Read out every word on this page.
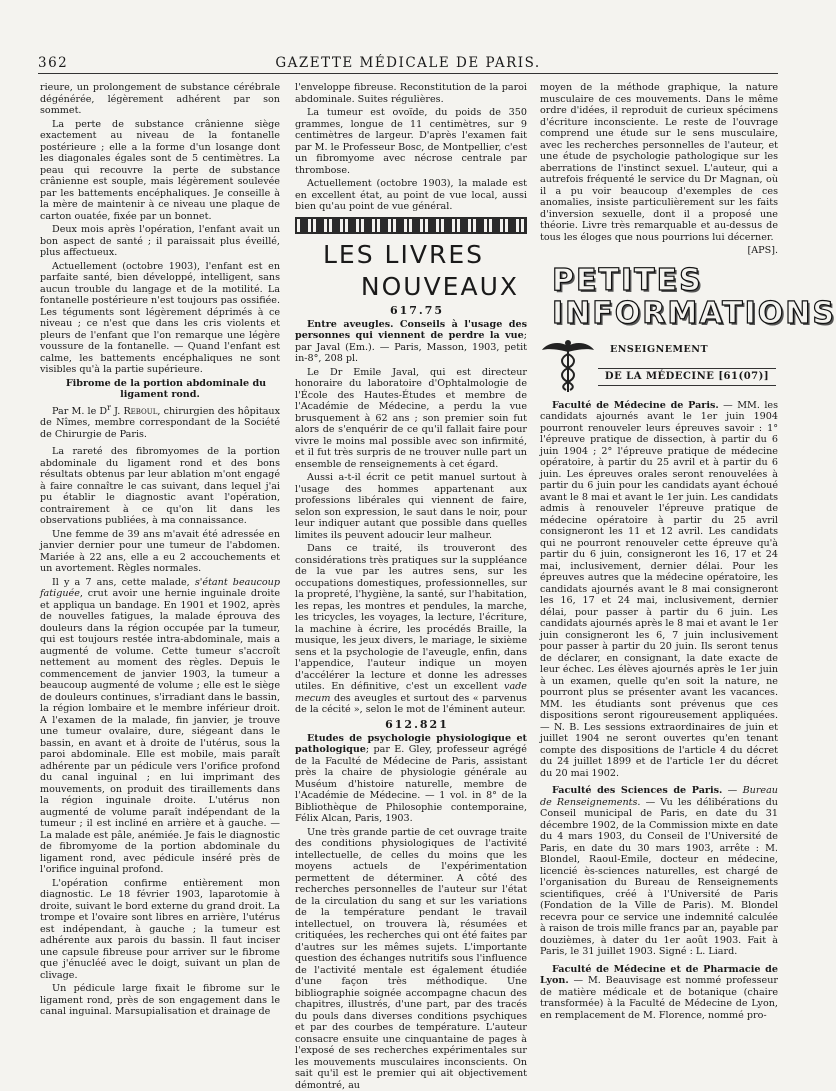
362	GAZETTE MÉDICALE DE PARIS.

rieure, un prolongement de substance cérébrale dégénérée, légèrement adhérent par son sommet.

La perte de substance crânienne siège exactement au niveau de la fontanelle postérieure ; elle a la forme d'un losange dont les diagonales égales sont de 5 centimètres. La peau qui recouvre la perte de substance crânienne est souple, mais légèrement soulevée par les battements encéphaliques. Je conseille à la mère de maintenir à ce niveau une plaque de carton ouatée, fixée par un bonnet.

Deux mois après l'opération, l'enfant avait un bon aspect de santé ; il paraissait plus éveillé, plus affectueux.

Actuellement (octobre 1903), l'enfant est en parfaite santé, bien développé, intelligent, sans aucun trouble du langage et de la motilité. La fontanelle postérieure n'est toujours pas ossifiée. Les téguments sont légèrement déprimés à ce niveau ; ce n'est que dans les cris violents et pleurs de l'enfant que l'on remarque une légère voussure de la fontanelle. — Quand l'enfant est calme, les battements encéphaliques ne sont visibles qu'à la partie supérieure.

Fibrome de la portion abdominale du ligament rond.

Par M. le $D^r$ J. Reboul, chirurgien des hôpitaux de Nîmes, membre correspondant de la Société de Chirurgie de Paris.

La rareté des fibromyomes de la portion abdominale du ligament rond et des bons résultats obtenus par leur ablation m'ont engagé à faire connaître le cas suivant, dans lequel j'ai pu établir le diagnostic avant l'opération, contrairement à ce qu'on lit dans les observations publiées, à ma connaissance.

Une femme de 39 ans m'avait été adressée en janvier dernier pour une tumeur de l'abdomen. Mariée à 22 ans, elle a eu 2 accouchements et un avortement. Règles normales.

Il y a 7 ans, cette malade, s'étant beaucoup fatiguée, crut avoir une hernie inguinale droite et appliqua un bandage. En 1901 et 1902, après de nouvelles fatigues, la malade éprouva des douleurs dans la région occupée par la tumeur, qui est toujours restée intra-abdominale, mais a augmenté de volume. Cette tumeur s'accroît nettement au moment des règles. Depuis le commencement de janvier 1903, la tumeur a beaucoup augmenté de volume ; elle est le siège de douleurs continues, s'irradiant dans le bassin, la région lombaire et le membre inférieur droit. A l'examen de la malade, fin janvier, je trouve une tumeur ovalaire, dure, siégeant dans le bassin, en avant et à droite de l'utérus, sous la paroi abdominale. Elle est mobile, mais paraît adhérente par un pédicule vers l'orifice profond du canal inguinal ; en lui imprimant des mouvements, on produit des tiraillements dans la région inguinale droite. L'utérus non augmenté de volume paraît indépendant de la tumeur ; il est incliné en arrière et à gauche. — La malade est pâle, anémiée. Je fais le diagnostic de fibromyome de la portion abdominale du ligament rond, avec pédicule inséré près de l'orifice inguinal profond.

L'opération confirme entièrement mon diagnostic. Le 18 février 1903, laparotomie à droite, suivant le bord externe du grand droit. La trompe et l'ovaire sont libres en arrière, l'utérus est indépendant, à gauche ; la tumeur est adhérente aux parois du bassin. Il faut inciser une capsule fibreuse pour arriver sur le fibrome que j'énucléé avec le doigt, suivant un plan de clivage.

Un pédicule large fixait le fibrome sur le ligament rond, près de son engagement dans le canal inguinal. Marsupialisation et drainage de

l'enveloppe fibreuse. Reconstitution de la paroi abdominale. Suites régulières.

La tumeur est ovoïde, du poids de 350 grammes, longue de 11 centimètres, sur 9 centimètres de largeur. D'après l'examen fait par M. le Professeur Bosc, de Montpellier, c'est un fibromyome avec nécrose centrale par thrombose.

Actuellement (octobre 1903), la malade est en excellent état, au point de vue local, aussi bien qu'au point de vue général.

LES LIVRES

NOUVEAUX

617.75

Entre aveugles. Conseils à l'usage des personnes qui viennent de perdre la vue; par Javal (Em.). — Paris, Masson, 1903, petit in-8°, 208 pl.

Le Dr Emile Javal, qui est directeur honoraire du laboratoire d'Ophtalmologie de l'École des Hautes-Études et membre de l'Académie de Médecine, a perdu la vue brusquement à 62 ans ; son premier soin fut alors de s'enquérir de ce qu'il fallait faire pour vivre le moins mal possible avec son infirmité, et il fut très surpris de ne trouver nulle part un ensemble de renseignements à cet égard.

Aussi a-t-il écrit ce petit manuel surtout à l'usage des hommes appartenant aux professions libérales qui viennent de faire, selon son expression, le saut dans le noir, pour leur indiquer autant que possible dans quelles limites ils peuvent adoucir leur malheur.

Dans ce traité, ils trouveront des considérations très pratiques sur la suppléance de la vue par les autres sens, sur les occupations domestiques, professionnelles, sur la propreté, l'hygiène, la santé, sur l'habitation, les repas, les montres et pendules, la marche, les tricycles, les voyages, la lecture, l'écriture, la machine à écrire, les procédés Braille, la musique, les jeux divers, le mariage, le sixième sens et la psychologie de l'aveugle, enfin, dans l'appendice, l'auteur indique un moyen d'accélérer la lecture et donne les adresses utiles. En définitive, c'est un excellent vade mecum des aveugles et surtout des « parvenus de la cécité », selon le mot de l'éminent auteur.

612.821

Etudes de psychologie physiologique et pathologique; par E. Gley, professeur agrégé de la Faculté de Médecine de Paris, assistant près la chaire de physiologie générale au Muséum d'histoire naturelle, membre de l'Académie de Médecine. — 1 vol. in 8° de la Bibliothèque de Philosophie contemporaine, Félix Alcan, Paris, 1903.

Une très grande partie de cet ouvrage traite des conditions physiologiques de l'activité intellectuelle, de celles du moins que les moyens actuels de l'expérimentation permettent de déterminer. A côté des recherches personnelles de l'auteur sur l'état de la circulation du sang et sur les variations de la température pendant le travail intellectuel, on trouvera là, résumées et critiquées, les recherches qui ont été faites par d'autres sur les mêmes sujets. L'importante question des échanges nutritifs sous l'influence de l'activité mentale est également étudiée d'une façon très méthodique. Une bibliographie soignée accompagne chacun des chapitres, illustrés, d'une part, par des tracés du pouls dans diverses conditions psychiques et par des courbes de température. L'auteur consacre ensuite une cinquantaine de pages à l'exposé de ses recherches expérimentales sur les mouvements musculaires inconscients. On sait qu'il est le premier qui ait objectivement démontré, au

moyen de la méthode graphique, la nature musculaire de ces mouvements. Dans le même ordre d'idées, il reproduit de curieux spécimens d'écriture inconsciente. Le reste de l'ouvrage comprend une étude sur le sens musculaire, avec les recherches personnelles de l'auteur, et une étude de psychologie pathologique sur les aberrations de l'instinct sexuel. L'auteur, qui a autrefois fréquenté le service du Dr Magnan, où il a pu voir beaucoup d'exemples de ces anomalies, insiste particulièrement sur les faits d'inversion sexuelle, dont il a proposé une théorie. Livre très remarquable et au-dessus de tous les éloges que nous pourrions lui décerner.

[APS].

PETITES

INFORMATIONS

ENSEIGNEMENT
DE LA MÉDECINE [61(07)]

Faculté de Médecine de Paris. — MM. les candidats ajournés avant le 1er juin 1904 pourront renouveler leurs épreuves savoir : 1° l'épreuve pratique de dissection, à partir du 6 juin 1904 ; 2° l'épreuve pratique de médecine opératoire, à partir du 25 avril et à partir du 6 juin. Les épreuves orales seront renouvelées à partir du 6 juin pour les candidats ayant échoué avant le 8 mai et avant le 1er juin. Les candidats admis à renouveler l'épreuve pratique de médecine opératoire à partir du 25 avril consigneront les 11 et 12 avril. Les candidats qui ne pourront renouveler cette épreuve qu'à partir du 6 juin, consigneront les 16, 17 et 24 mai, inclusivement, dernier délai. Pour les épreuves autres que la médecine opératoire, les candidats ajournés avant le 8 mai consigneront les 16, 17 et 24 mai, inclusivement, dernier délai, pour passer à partir du 6 juin. Les candidats ajournés après le 8 mai et avant le 1er juin consigneront les 6, 7 juin inclusivement pour passer à partir du 20 juin. Ils seront tenus de déclarer, en consignant, la date exacte de leur échec. Les élèves ajournés après le 1er juin à un examen, quelle qu'en soit la nature, ne pourront plus se présenter avant les vacances. MM. les étudiants sont prévenus que ces dispositions seront rigoureusement appliquées. — N. B. Les sessions extraordinaires de juin et juillet 1904 ne seront ouvertes qu'en tenant compte des dispositions de l'article 4 du décret du 24 juillet 1899 et de l'article 1er du décret du 20 mai 1902.

Faculté des Sciences de Paris. — Bureau de Renseignements. — Vu les délibérations du Conseil municipal de Paris, en date du 31 décembre 1902, de la Commission mixte en date du 4 mars 1903, du Conseil de l'Université de Paris, en date du 30 mars 1903, arrête : M. Blondel, Raoul-Emile, docteur en médecine, licencié ès-sciences naturelles, est chargé de l'organisation du Bureau de Renseignements scientifiques, créé à l'Université de Paris (Fondation de la Ville de Paris). M. Blondel recevra pour ce service une indemnité calculée à raison de trois mille francs par an, payable par douzièmes, à dater du 1er août 1903. Fait à Paris, le 31 juillet 1903. Signé : L. Liard.

Faculté de Médecine et de Pharmacie de Lyon. — M. Beauvisage est nommé professeur de matière médicale et de botanique (chaire transformée) à la Faculté de Médecine de Lyon, en remplacement de M. Florence, nommé pro-
